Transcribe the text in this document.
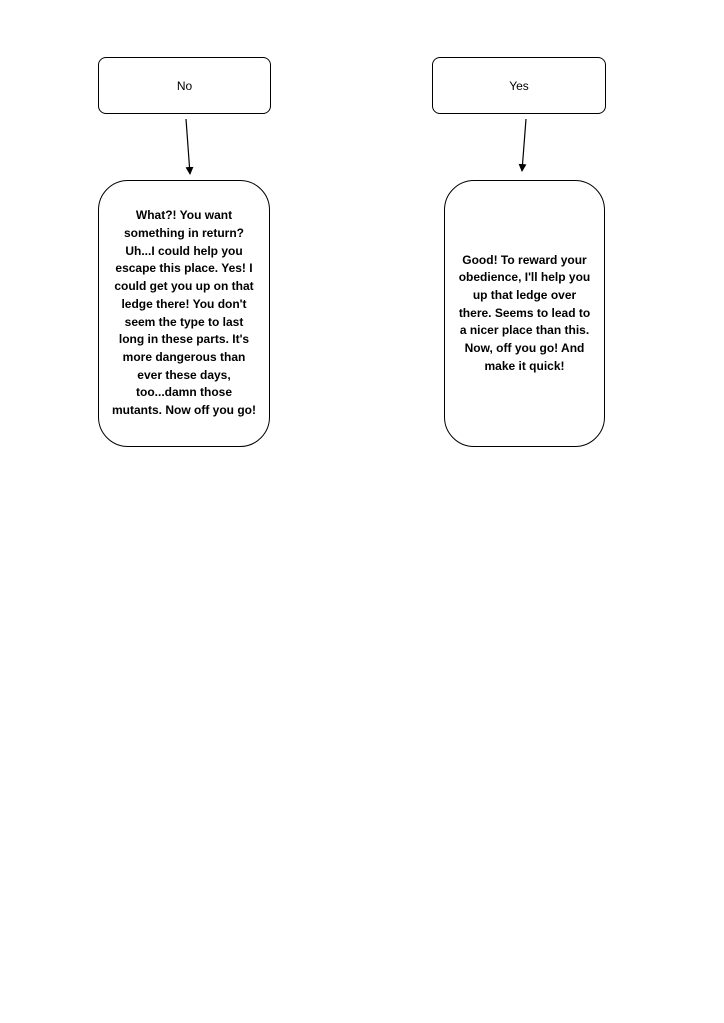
No	Yes
What?! You want something in return? Uh...I could help you escape this place. Yes! I could get you up on that ledge there! You don't seem the type to last long in these parts. It's more dangerous than ever these days, too...damn those mutants. Now off you go!
Good! To reward your obedience, I'll help you up that ledge over there. Seems to lead to a nicer place than this. Now, off you go! And make it quick!
